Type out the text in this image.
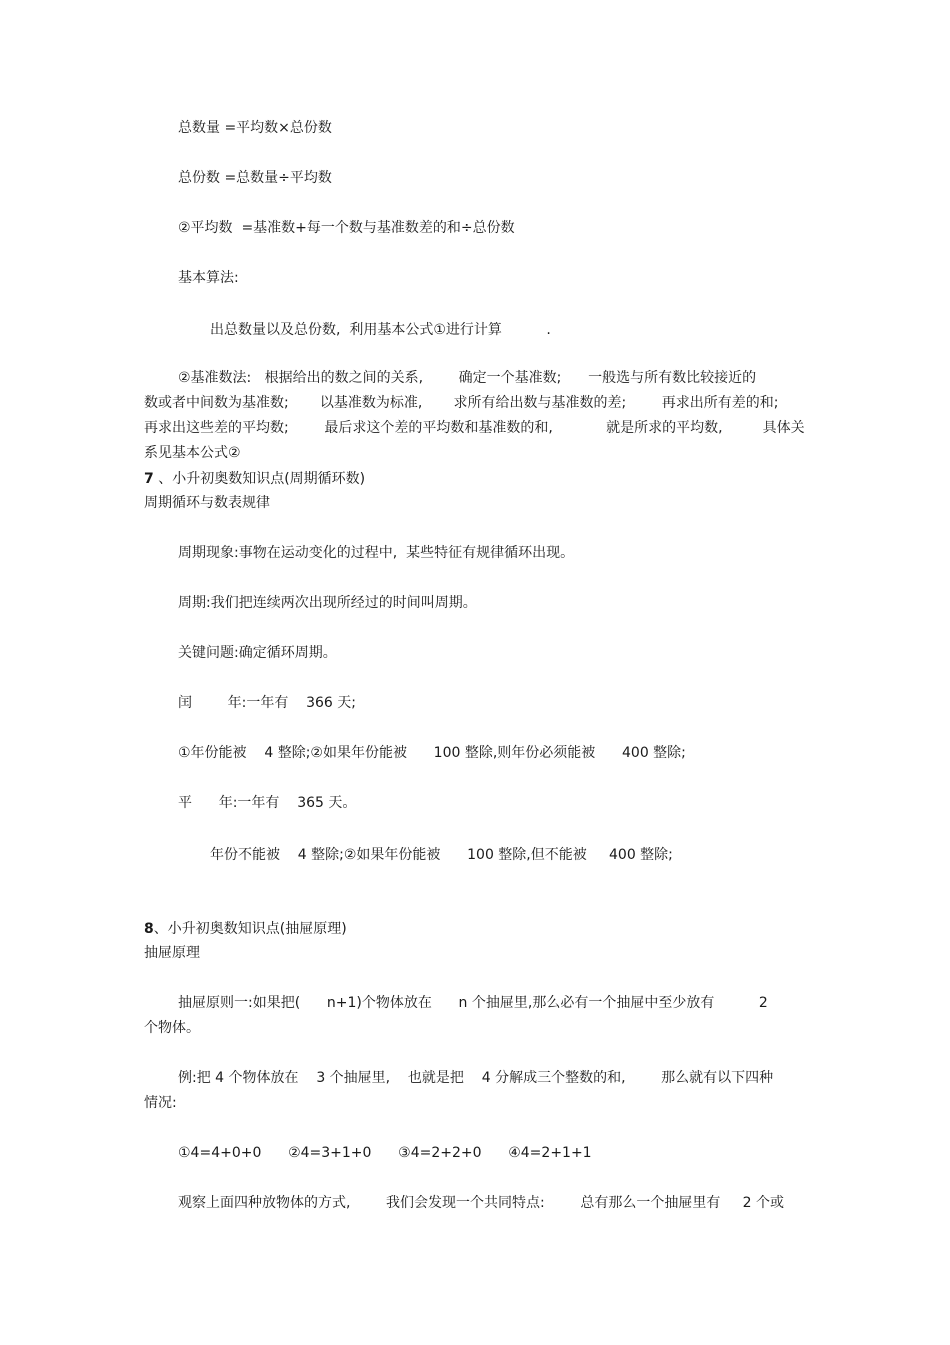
总数量 =平均数×总份数
总份数 =总数量÷平均数
②平均数  =基准数+每一个数与基准数差的和÷总份数
基本算法:
出总数量以及总份数,  利用基本公式①进行计算          .
②基准数法:   根据给出的数之间的关系,        确定一个基准数;      一般选与所有数比较接近的
数或者中间数为基准数;       以基准数为标准,       求所有给出数与基准数的差;        再求出所有差的和;
再求出这些差的平均数;        最后求这个差的平均数和基准数的和,            就是所求的平均数,         具体关
系见基本公式②
7 、小升初奥数知识点(周期循环数)
周期循环与数表规律
周期现象:事物在运动变化的过程中,  某些特征有规律循环出现。
周期:我们把连续两次出现所经过的时间叫周期。
关键问题:确定循环周期。
闰        年:一年有    366 天;
①年份能被    4 整除;②如果年份能被      100 整除,则年份必须能被      400 整除;
平      年:一年有    365 天。
年份不能被    4 整除;②如果年份能被      100 整除,但不能被     400 整除;
8、小升初奥数知识点(抽屉原理)
抽屉原理
抽屉原则一:如果把(      n+1)个物体放在      n 个抽屉里,那么必有一个抽屉中至少放有          2
个物体。
例:把 4 个物体放在    3 个抽屉里,    也就是把    4 分解成三个整数的和,        那么就有以下四种
情况:
①4=4+0+0      ②4=3+1+0      ③4=2+2+0      ④4=2+1+1
观察上面四种放物体的方式,        我们会发现一个共同特点:        总有那么一个抽屉里有     2 个或
